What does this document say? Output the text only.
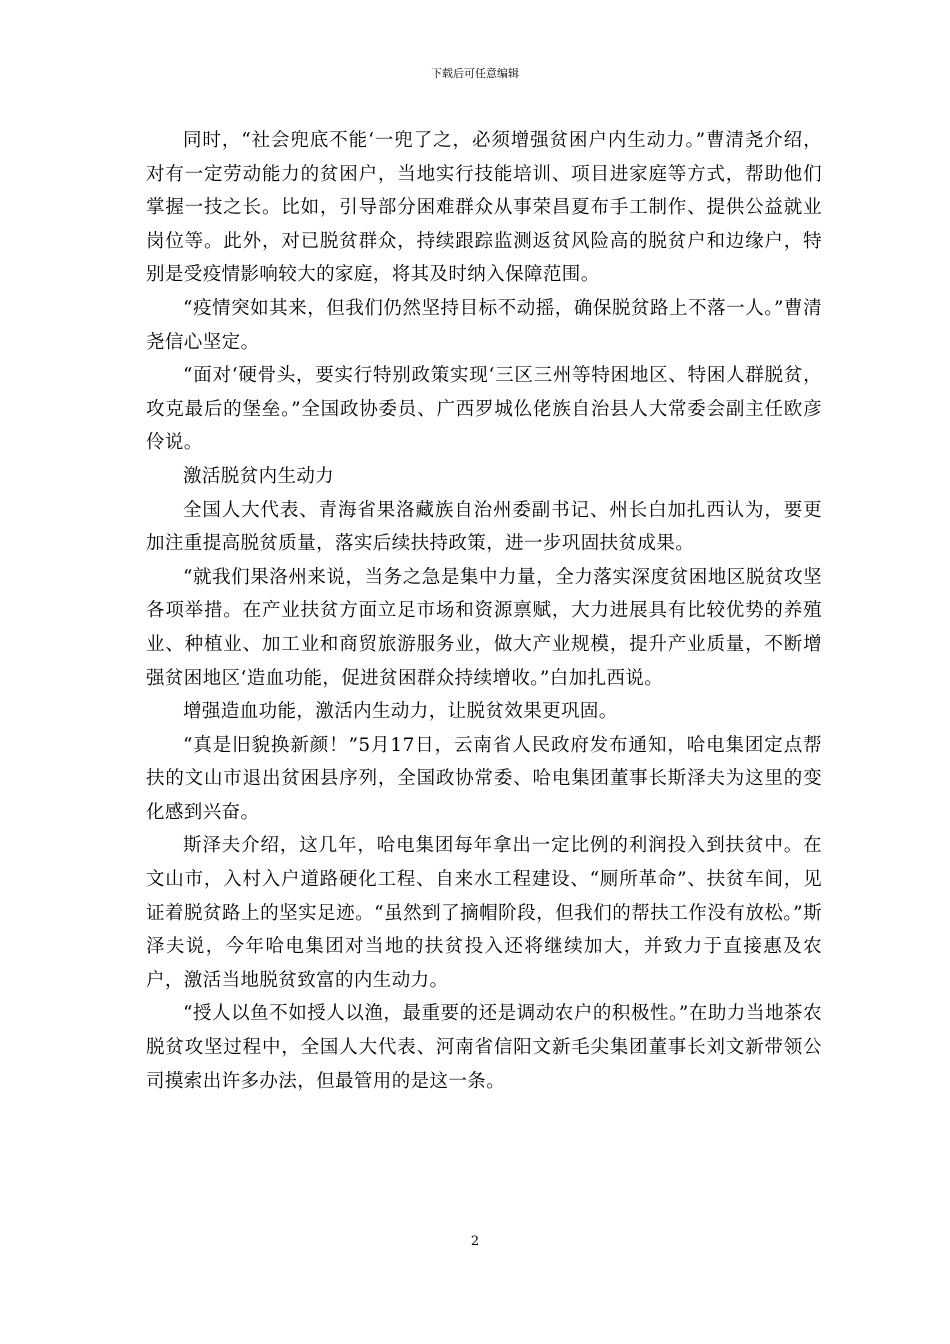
下载后可任意编辑

同时，“社会兜底不能‘一兜了之，必须增强贫困户内生动力。”曹清尧介绍，对有一定劳动能力的贫困户，当地实行技能培训、项目进家庭等方式，帮助他们掌握一技之长。比如，引导部分困难群众从事荣昌夏布手工制作、提供公益就业岗位等。此外，对已脱贫群众，持续跟踪监测返贫风险高的脱贫户和边缘户，特别是受疫情影响较大的家庭，将其及时纳入保障范围。

“疫情突如其来，但我们仍然坚持目标不动摇，确保脱贫路上不落一人。”曹清尧信心坚定。

“面对‘硬骨头，要实行特别政策实现‘三区三州等特困地区、特困人群脱贫，攻克最后的堡垒。”全国政协委员、广西罗城仫佬族自治县人大常委会副主任欧彦伶说。

激活脱贫内生动力

全国人大代表、青海省果洛藏族自治州委副书记、州长白加扎西认为，要更加注重提高脱贫质量，落实后续扶持政策，进一步巩固扶贫成果。

“就我们果洛州来说，当务之急是集中力量，全力落实深度贫困地区脱贫攻坚各项举措。在产业扶贫方面立足市场和资源禀赋，大力进展具有比较优势的养殖业、种植业、加工业和商贸旅游服务业，做大产业规模，提升产业质量，不断增强贫困地区‘造血功能，促进贫困群众持续增收。”白加扎西说。

增强造血功能，激活内生动力，让脱贫效果更巩固。

“真是旧貌换新颜！”5月17日，云南省人民政府发布通知，哈电集团定点帮扶的文山市退出贫困县序列，全国政协常委、哈电集团董事长斯泽夫为这里的变化感到兴奋。

斯泽夫介绍，这几年，哈电集团每年拿出一定比例的利润投入到扶贫中。在文山市，入村入户道路硬化工程、自来水工程建设、“厕所革命”、扶贫车间，见证着脱贫路上的坚实足迹。“虽然到了摘帽阶段，但我们的帮扶工作没有放松。”斯泽夫说，今年哈电集团对当地的扶贫投入还将继续加大，并致力于直接惠及农户，激活当地脱贫致富的内生动力。

“授人以鱼不如授人以渔，最重要的还是调动农户的积极性。”在助力当地茶农脱贫攻坚过程中，全国人大代表、河南省信阳文新毛尖集团董事长刘文新带领公司摸索出许多办法，但最管用的是这一条。

2
